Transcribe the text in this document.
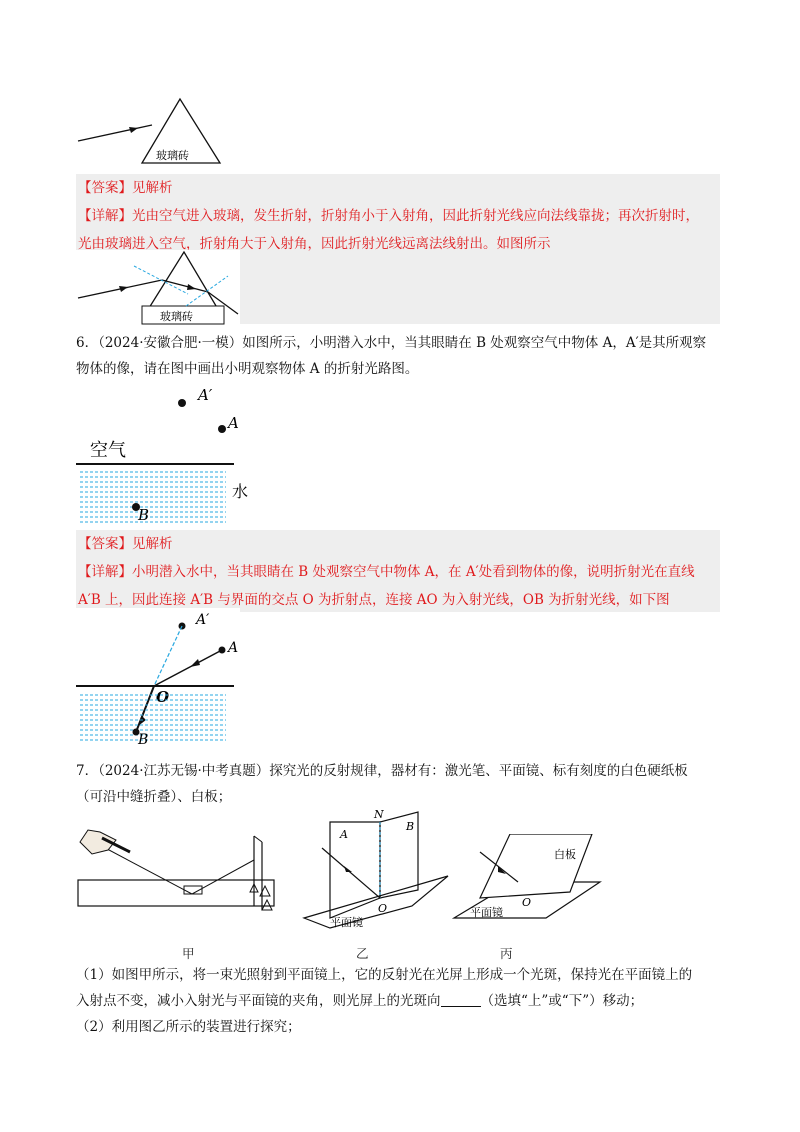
玻璃砖

【答案】见解析

【详解】光由空气进入玻璃，发生折射，折射角小于入射角，因此折射光线应向法线靠拢；再次折射时，

光由玻璃进入空气，折射角大于入射角，因此折射光线远离法线射出。如图所示

玻璃砖

6．（2024·安徽合肥·一模）如图所示，小明潜入水中，当其眼睛在 B 处观察空气中物体 A，A′是其所观察

物体的像，请在图中画出小明观察物体 A 的折射光路图。

A′
A
空气
水
B

【答案】见解析

【详解】小明潜入水中，当其眼睛在 B 处观察空气中物体 A，在 A′处看到物体的像，说明折射光在直线

A′B 上，因此连接 A′B 与界面的交点 O 为折射点，连接 AO 为入射光线，OB 为折射光线，如下图

A′
A
O
B

7．（2024·江苏无锡·中考真题）探究光的反射规律，器材有：激光笔、平面镜、标有刻度的白色硬纸板

（可沿中缝折叠）、白板；

甲
A
N
B
O
平面镜
乙
白板
平面镜
O
丙

（1）如图甲所示，将一束光照射到平面镜上，它的反射光在光屏上形成一个光斑，保持光在平面镜上的

入射点不变，减小入射光与平面镜的夹角，则光屏上的光斑向	（选填“上”或“下”）移动；

（2）利用图乙所示的装置进行探究；
